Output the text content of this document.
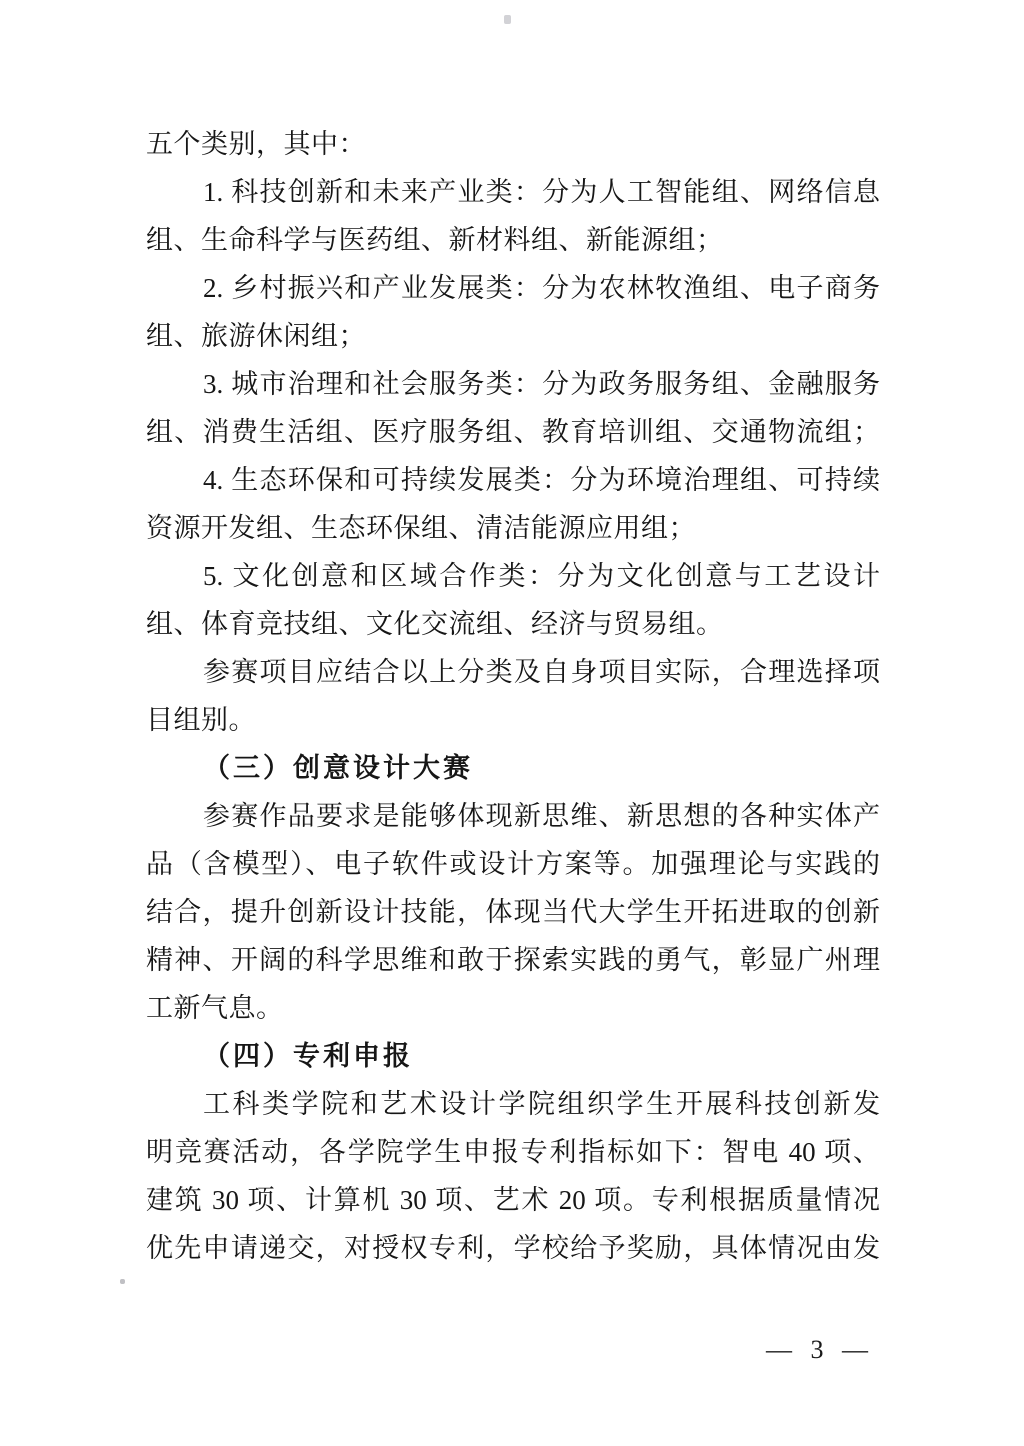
五个类别，其中：
1. 科技创新和未来产业类：分为人工智能组、网络信息
组、生命科学与医药组、新材料组、新能源组；
2. 乡村振兴和产业发展类：分为农林牧渔组、电子商务
组、旅游休闲组；
3. 城市治理和社会服务类：分为政务服务组、金融服务
组、消费生活组、医疗服务组、教育培训组、交通物流组；
4. 生态环保和可持续发展类：分为环境治理组、可持续
资源开发组、生态环保组、清洁能源应用组；
5. 文化创意和区域合作类：分为文化创意与工艺设计
组、体育竞技组、文化交流组、经济与贸易组。
参赛项目应结合以上分类及自身项目实际，合理选择项
目组别。
（三）创意设计大赛
参赛作品要求是能够体现新思维、新思想的各种实体产
品（含模型）、电子软件或设计方案等。加强理论与实践的
结合，提升创新设计技能，体现当代大学生开拓进取的创新
精神、开阔的科学思维和敢于探索实践的勇气，彰显广州理
工新气息。
（四）专利申报
工科类学院和艺术设计学院组织学生开展科技创新发
明竞赛活动，各学院学生申报专利指标如下：智电 40 项、
建筑 30 项、计算机 30 项、艺术 20 项。专利根据质量情况
优先申请递交，对授权专利，学校给予奖励，具体情况由发
— 3 —
